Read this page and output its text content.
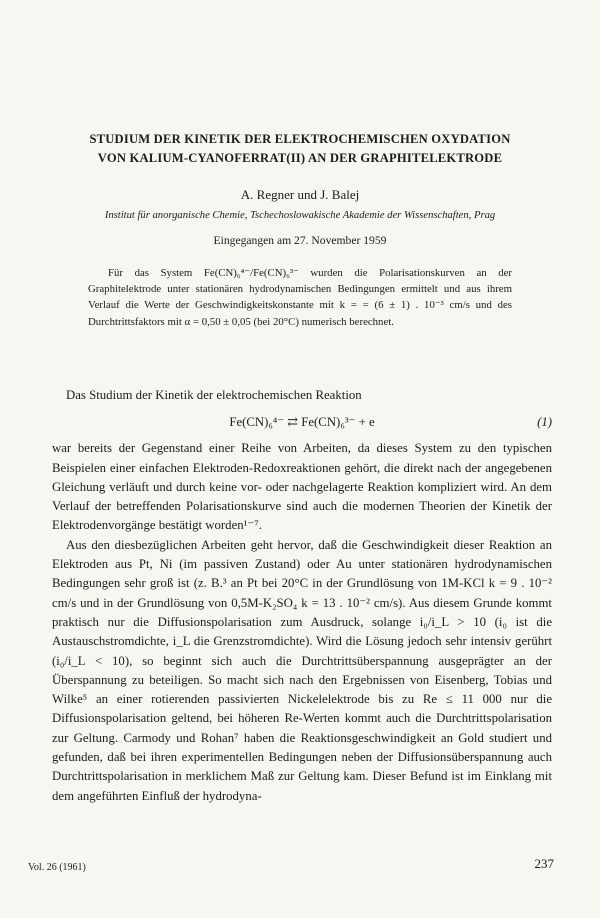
STUDIUM DER KINETIK DER ELEKTROCHEMISCHEN OXYDATION
VON KALIUM-CYANOFERRAT(II) AN DER GRAPHITELEKTRODE

A. Regner und J. Balej

Institut für anorganische Chemie, Tschechoslowakische Akademie der Wissenschaften, Prag

Eingegangen am 27. November 1959

Für das System Fe(CN)₆⁴⁻/Fe(CN)₆³⁻ wurden die Polarisationskurven an der Graphitelektrode unter stationären hydrodynamischen Bedingungen ermittelt und aus ihrem Verlauf die Werte der Geschwindigkeitskonstante mit k = = (6 ± 1) . 10⁻³ cm/s und des Durchtrittsfaktors mit α = 0,50 ± 0,05 (bei 20°C) numerisch berechnet.

Das Studium der Kinetik der elektrochemischen Reaktion

Fe(CN)₆⁴⁻ ⇄ Fe(CN)₆³⁻ + e	(1)

war bereits der Gegenstand einer Reihe von Arbeiten, da dieses System zu den typischen Beispielen einer einfachen Elektroden-Redoxreaktionen gehört, die direkt nach der angegebenen Gleichung verläuft und durch keine vor- oder nachgelagerte Reaktion kompliziert wird. An dem Verlauf der betreffenden Polarisationskurve sind auch die modernen Theorien der Kinetik der Elektrodenvorgänge bestätigt worden¹⁻⁷.

Aus den diesbezüglichen Arbeiten geht hervor, daß die Geschwindigkeit dieser Reaktion an Elektroden aus Pt, Ni (im passiven Zustand) oder Au unter stationären hydrodynamischen Bedingungen sehr groß ist (z. B.³ an Pt bei 20°C in der Grundlösung von 1M-KCl k = 9 . 10⁻² cm/s und in der Grundlösung von 0,5M-K₂SO₄ k = 13 . 10⁻² cm/s). Aus diesem Grunde kommt praktisch nur die Diffusionspolarisation zum Ausdruck, solange i₀/i_L > 10 (i₀ ist die Austauschstromdichte, i_L die Grenzstromdichte). Wird die Lösung jedoch sehr intensiv gerührt (i₀/i_L < 10), so beginnt sich auch die Durchtrittsüberspannung ausgeprägter an der Überspannung zu beteiligen. So macht sich nach den Ergebnissen von Eisenberg, Tobias und Wilke⁵ an einer rotierenden passivierten Nickelelektrode bis zu Re ≤ 11 000 nur die Diffusionspolarisation geltend, bei höheren Re-Werten kommt auch die Durchtrittspolarisation zur Geltung. Carmody und Rohan⁷ haben die Reaktionsgeschwindigkeit an Gold studiert und gefunden, daß bei ihren experimentellen Bedingungen neben der Diffusionsüberspannung auch Durchtrittspolarisation in merklichem Maß zur Geltung kam. Dieser Befund ist im Einklang mit dem angeführten Einfluß der hydrodyna-

Vol. 26 (1961)	237
